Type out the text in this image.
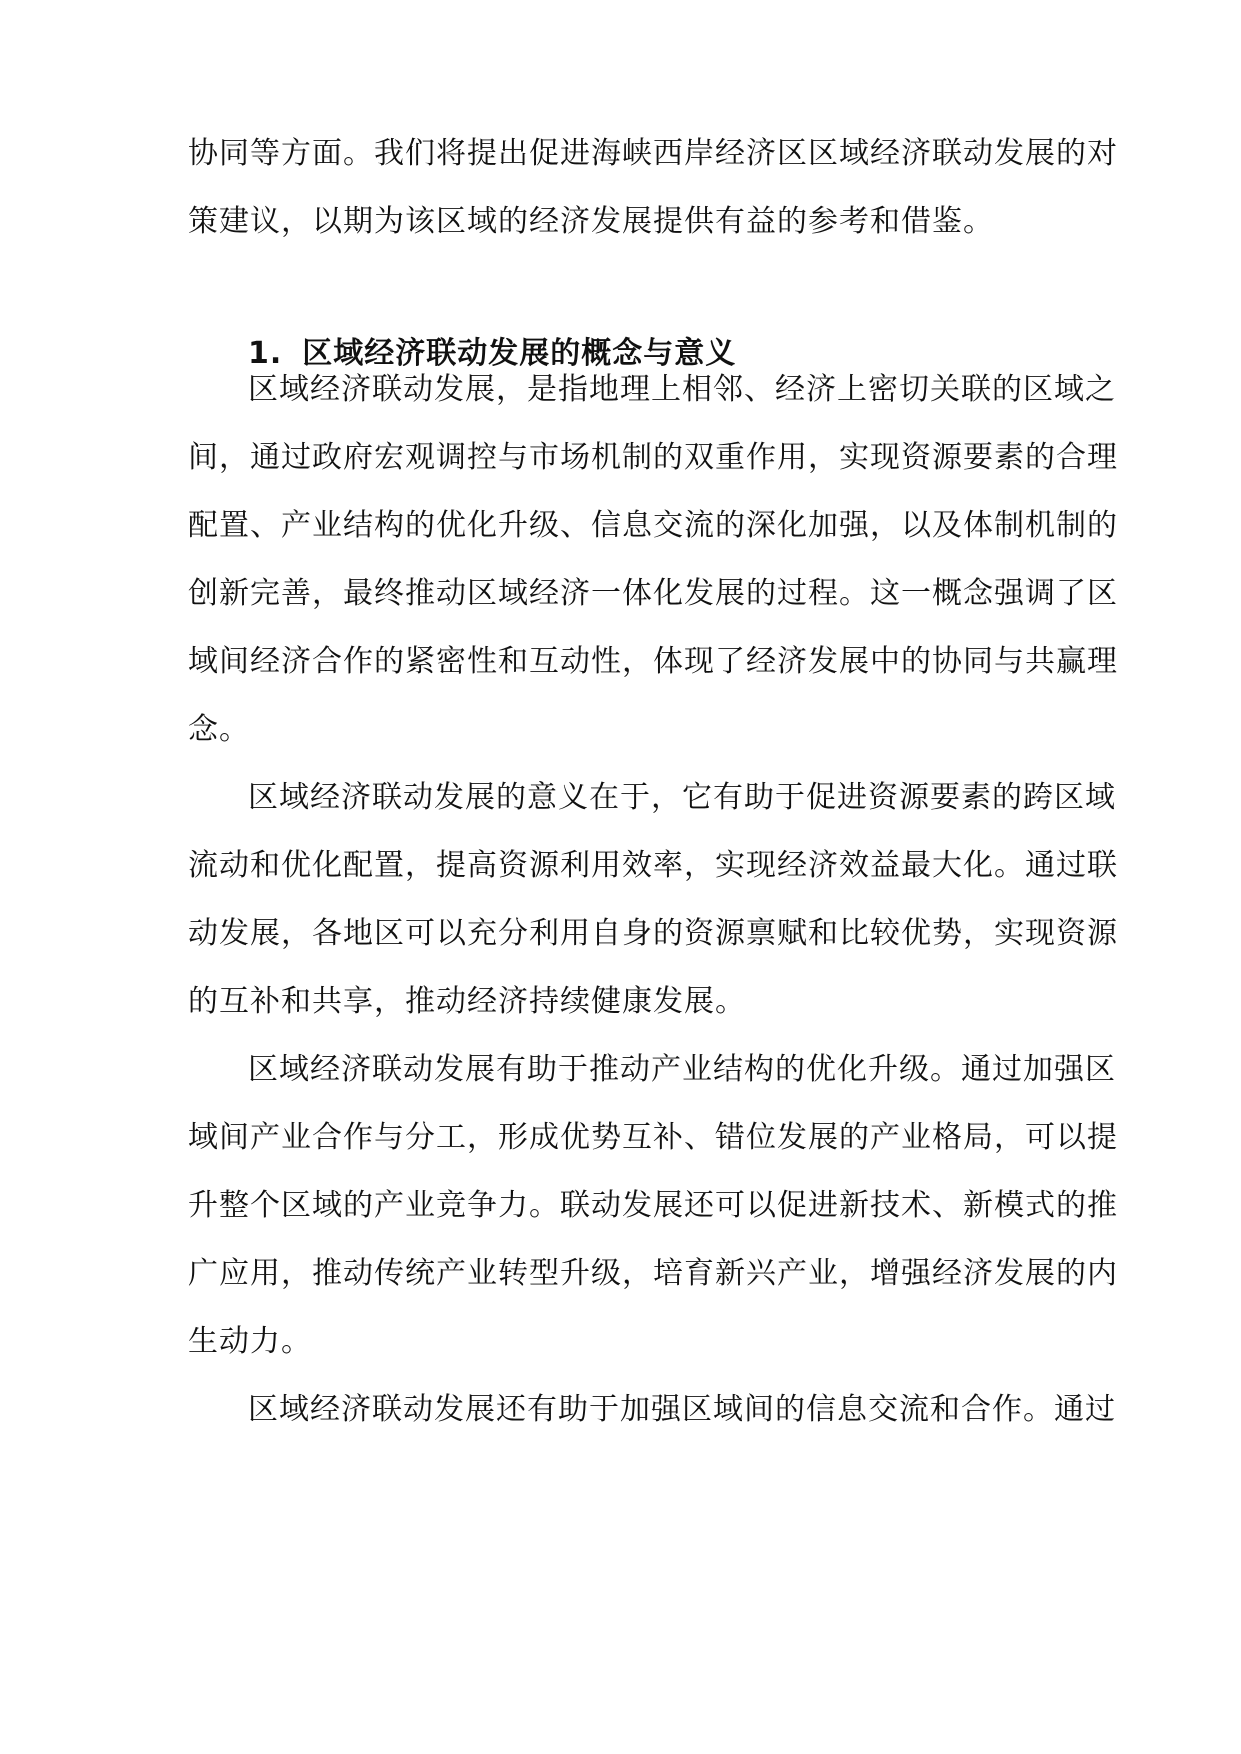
协同等方面。我们将提出促进海峡西岸经济区区域经济联动发展的对
策建议，以期为该区域的经济发展提供有益的参考和借鉴。
1. 区域经济联动发展的概念与意义
区域经济联动发展，是指地理上相邻、经济上密切关联的区域之
间，通过政府宏观调控与市场机制的双重作用，实现资源要素的合理
配置、产业结构的优化升级、信息交流的深化加强，以及体制机制的
创新完善，最终推动区域经济一体化发展的过程。这一概念强调了区
域间经济合作的紧密性和互动性，体现了经济发展中的协同与共赢理
念。
区域经济联动发展的意义在于，它有助于促进资源要素的跨区域
流动和优化配置，提高资源利用效率，实现经济效益最大化。通过联
动发展，各地区可以充分利用自身的资源禀赋和比较优势，实现资源
的互补和共享，推动经济持续健康发展。
区域经济联动发展有助于推动产业结构的优化升级。通过加强区
域间产业合作与分工，形成优势互补、错位发展的产业格局，可以提
升整个区域的产业竞争力。联动发展还可以促进新技术、新模式的推
广应用，推动传统产业转型升级，培育新兴产业，增强经济发展的内
生动力。
区域经济联动发展还有助于加强区域间的信息交流和合作。通过
